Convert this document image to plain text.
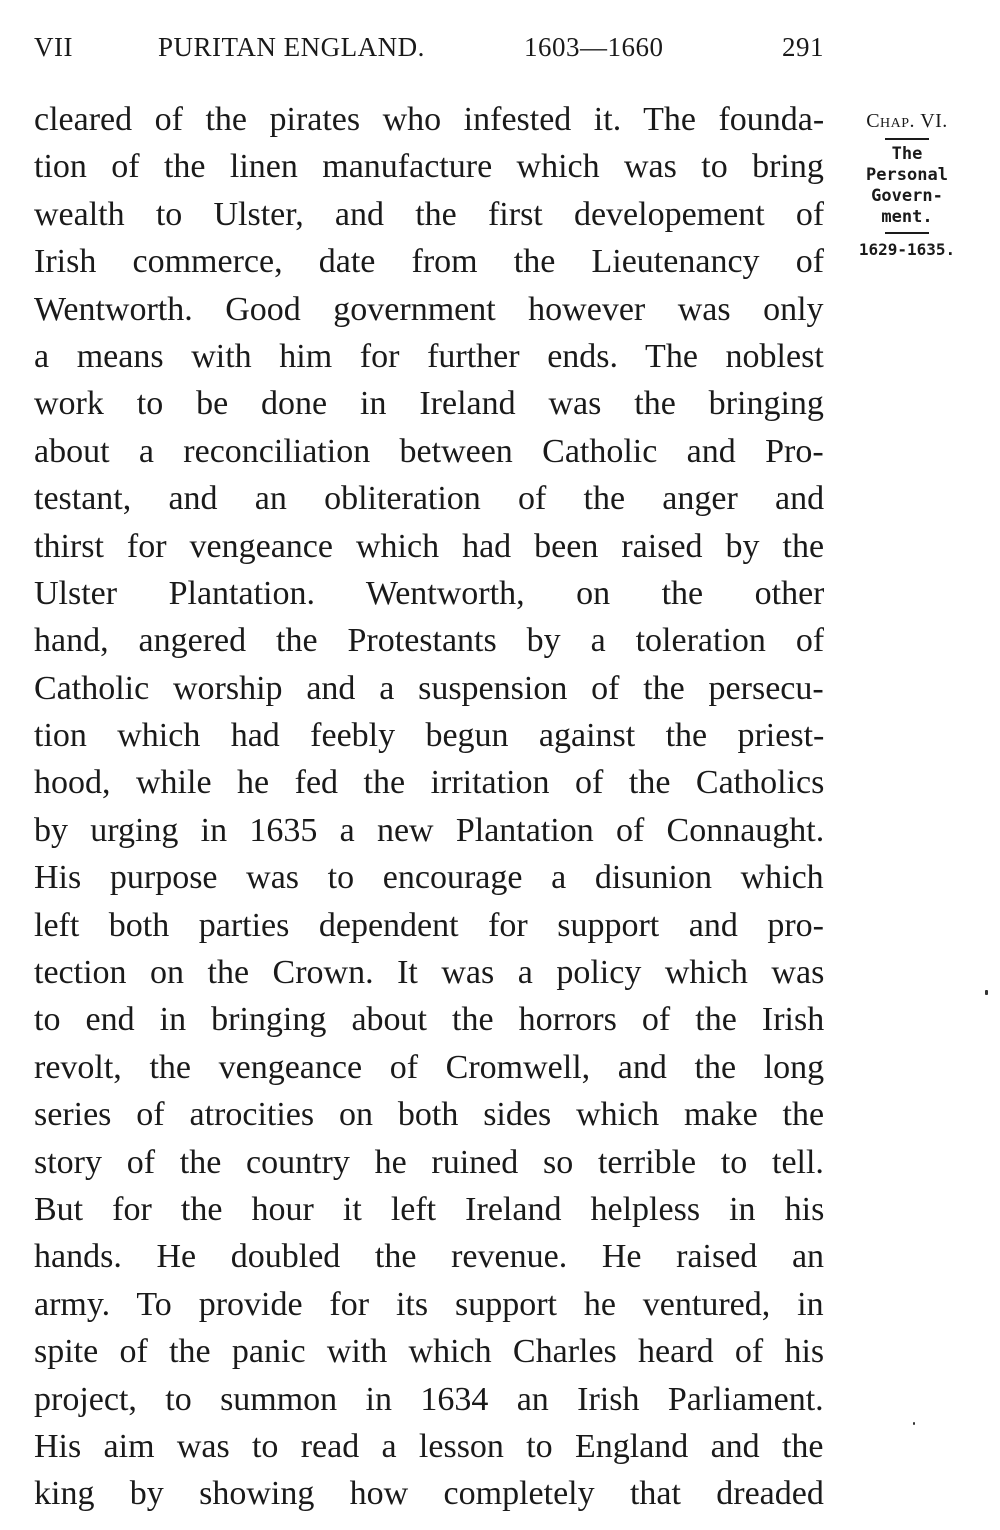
VII	PURITAN ENGLAND.	1603—1660	291
Chap. VI.
The
Personal
Govern-
ment.
1629-1635.
cleared of the pirates who infested it. The founda-
tion of the linen manufacture which was to bring
wealth to Ulster, and the first developement of
Irish commerce, date from the Lieutenancy of
Wentworth. Good government however was only
a means with him for further ends. The noblest
work to be done in Ireland was the bringing
about a reconciliation between Catholic and Pro-
testant, and an obliteration of the anger and
thirst for vengeance which had been raised by the
Ulster Plantation. Wentworth, on the other
hand, angered the Protestants by a toleration of
Catholic worship and a suspension of the persecu-
tion which had feebly begun against the priest-
hood, while he fed the irritation of the Catholics
by urging in 1635 a new Plantation of Connaught.
His purpose was to encourage a disunion which
left both parties dependent for support and pro-
tection on the Crown. It was a policy which was
to end in bringing about the horrors of the Irish
revolt, the vengeance of Cromwell, and the long
series of atrocities on both sides which make the
story of the country he ruined so terrible to tell.
But for the hour it left Ireland helpless in his
hands. He doubled the revenue. He raised an
army. To provide for its support he ventured, in
spite of the panic with which Charles heard of his
project, to summon in 1634 an Irish Parliament.
His aim was to read a lesson to England and the
king by showing how completely that dreaded
